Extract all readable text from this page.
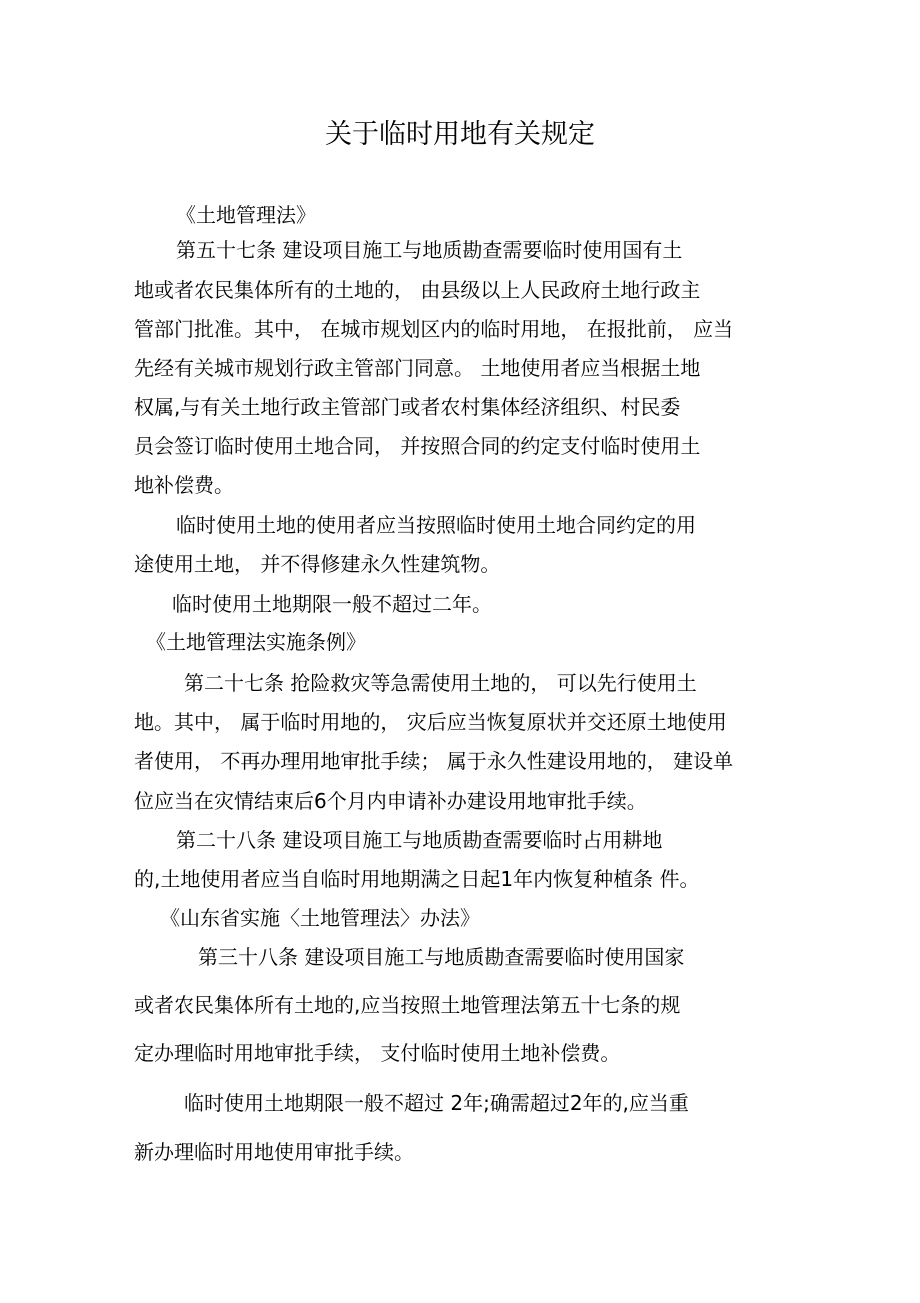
关于临时用地有关规定
《土地管理法》
第五十七条 建设项目施工与地质勘查需要临时使用国有土
地或者农民集体所有的土地的， 由县级以上人民政府土地行政主
管部门批准。其中， 在城市规划区内的临时用地， 在报批前， 应当
先经有关城市规划行政主管部门同意。 土地使用者应当根据土地
权属,与有关土地行政主管部门或者农村集体经济组织、村民委
员会签订临时使用土地合同， 并按照合同的约定支付临时使用土
地补偿费。
临时使用土地的使用者应当按照临时使用土地合同约定的用
途使用土地， 并不得修建永久性建筑物。
临时使用土地期限一般不超过二年。
《土地管理法实施条例》
第二十七条 抢险救灾等急需使用土地的， 可以先行使用土
地。其中， 属于临时用地的， 灾后应当恢复原状并交还原土地使用
者使用， 不再办理用地审批手续； 属于永久性建设用地的， 建设单
位应当在灾情结束后6个月内申请补办建设用地审批手续。
第二十八条 建设项目施工与地质勘查需要临时占用耕地
的,土地使用者应当自临时用地期满之日起1年内恢复种植条 件。
《山东省实施〈土地管理法〉办法》
第三十八条 建设项目施工与地质勘查需要临时使用国家
或者农民集体所有土地的,应当按照土地管理法第五十七条的规
定办理临时用地审批手续， 支付临时使用土地补偿费。
临时使用土地期限一般不超过 2年;确需超过2年的,应当重
新办理临时用地使用审批手续。
